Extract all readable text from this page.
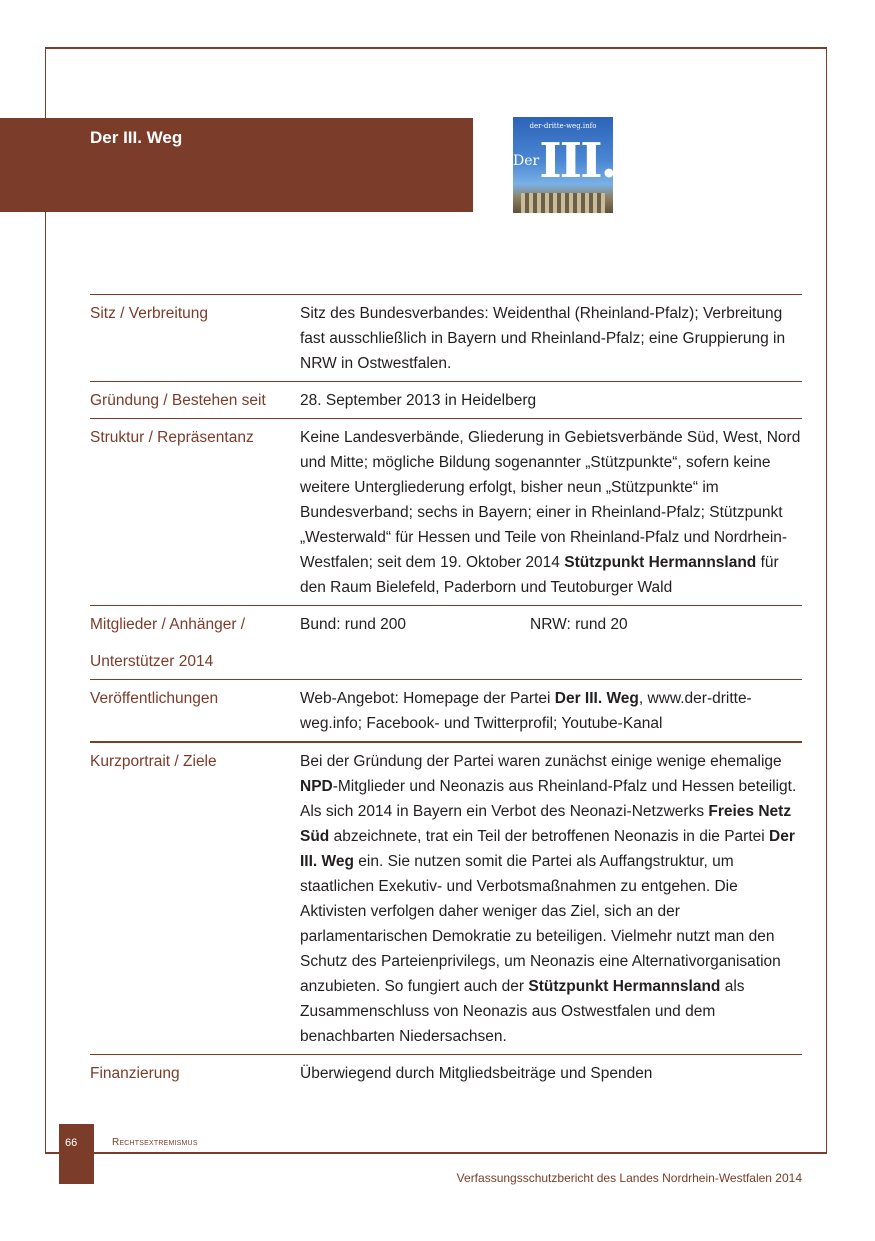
Der III. Weg
der-dritte-weg.info
DerIII.Weg
Sitz / Verbreitung	Sitz des Bundesverbandes: Weidenthal (Rheinland-Pfalz); Verbreitung fast ausschließlich in Bayern und Rheinland-Pfalz; eine Gruppierung in NRW in Ostwestfalen.
Gründung / Bestehen seit	28. September 2013 in Heidelberg
Struktur / Repräsentanz	Keine Landesverbände, Gliederung in Gebietsverbände Süd, West, Nord und Mitte; mögliche Bildung sogenannter „Stützpunkte“, sofern keine weitere Untergliederung erfolgt, bisher neun „Stützpunkte“ im Bundesverband; sechs in Bayern; einer in Rheinland-Pfalz; Stützpunkt „Westerwald“ für Hessen und Teile von Rheinland-Pfalz und Nordrhein-Westfalen; seit dem 19. Oktober 2014 Stützpunkt Hermannsland für den Raum Bielefeld, Paderborn und Teutoburger Wald
Mitglieder / Anhänger /
Unterstützer 2014	Bund: rund 200 NRW: rund 20

Veröffentlichungen	Web-Angebot: Homepage der Partei Der III. Weg, www.der-dritte-weg.info; Facebook- und Twitterprofil; Youtube-Kanal
Kurzportrait / Ziele	Bei der Gründung der Partei waren zunächst einige wenige ehemalige NPD-Mitglieder und Neonazis aus Rheinland-Pfalz und Hessen beteiligt. Als sich 2014 in Bayern ein Verbot des Neonazi-Netzwerks Freies Netz Süd abzeichnete, trat ein Teil der betroffenen Neonazis in die Partei Der III. Weg ein. Sie nutzen somit die Partei als Auffangstruktur, um staatlichen Exekutiv- und Verbotsmaßnahmen zu entgehen. Die Aktivisten verfolgen daher weniger das Ziel, sich an der parlamentarischen Demokratie zu beteiligen. Vielmehr nutzt man den Schutz des Parteienprivilegs, um Neonazis eine Alternativorganisation anzubieten. So fungiert auch der Stützpunkt Hermannsland als Zusammenschluss von Neonazis aus Ostwestfalen und dem benachbarten Niedersachsen.
Finanzierung	Überwiegend durch Mitgliedsbeiträge und Spenden
66	Rechtsextremismus
Verfassungsschutzbericht des Landes Nordrhein-Westfalen 2014
